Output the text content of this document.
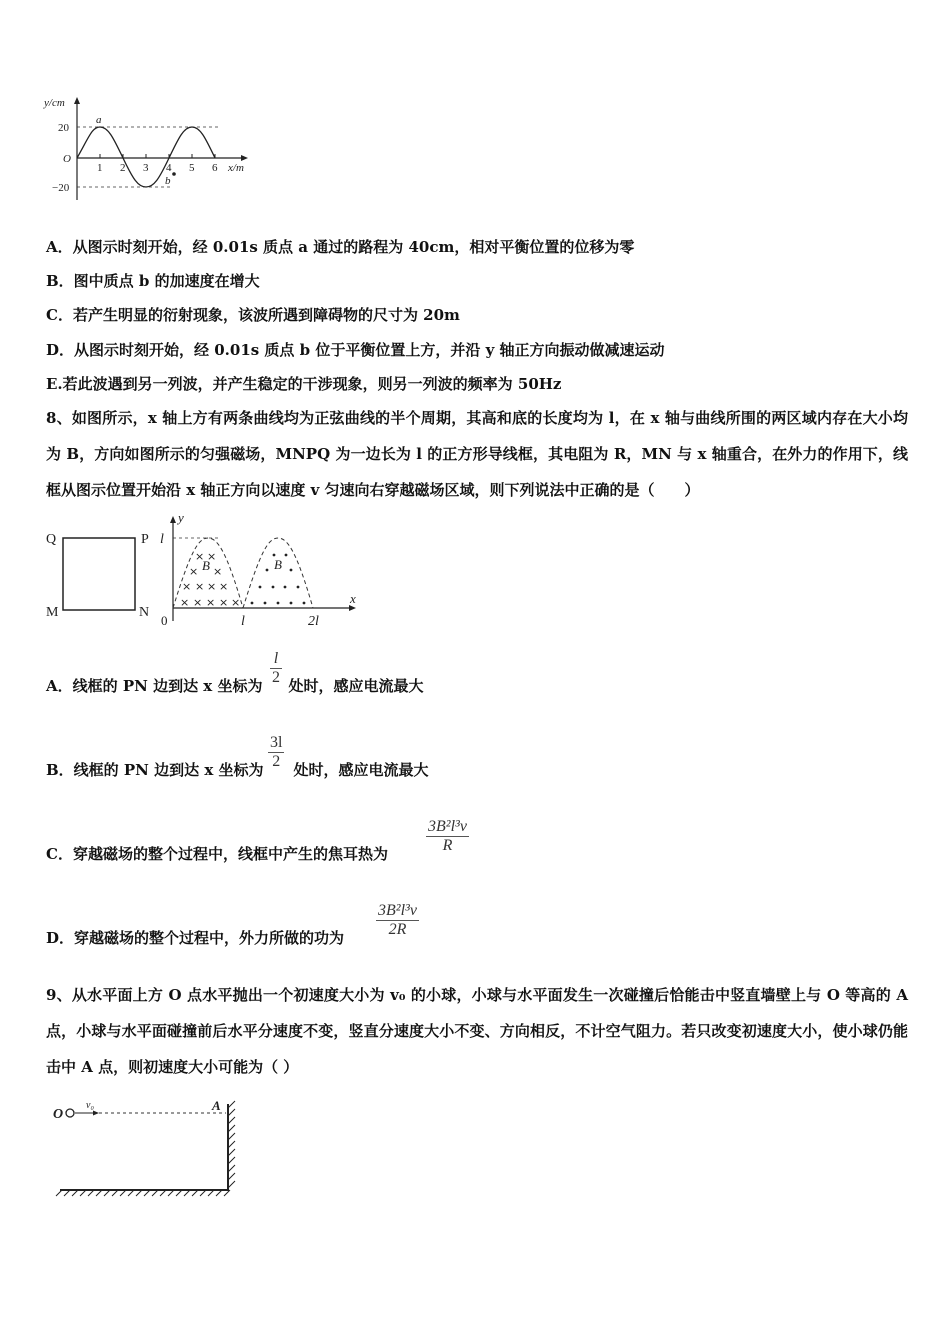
y/cm
20
O
−20
1 2 3 4 5 6 x/m
a
b
A．从图示时刻开始，经 0.01s 质点 a 通过的路程为 40cm，相对平衡位置的位移为零
B．图中质点 b 的加速度在增大
C．若产生明显的衍射现象，该波所遇到障碍物的尺寸为 20m
D．从图示时刻开始，经 0.01s 质点 b 位于平衡位置上方，并沿 y 轴正方向振动做减速运动
E.若此波遇到另一列波，并产生稳定的干涉现象，则另一列波的频率为 50Hz
8、如图所示，x 轴上方有两条曲线均为正弦曲线的半个周期，其高和底的长度均为 l，在 x 轴与曲线所围的两区域内存在大小均为 B，方向如图所示的匀强磁场，MNPQ 为一边长为 l 的正方形导线框，其电阻为 R，MN 与 x 轴重合，在外力的作用下，线框从图示位置开始沿 x 轴正方向以速度 v 匀速向右穿越磁场区域，则下列说法中正确的是（　　）
Q	P
M	N
× ×
× ×
× × × ×
× × × × ×
y
l
0	l	2l
x
B	B
A．线框的 PN 边到达 x 坐标为 处时，感应电流最大
$\frac{l}{2}$
B．线框的 PN 边到达 x 坐标为 处时，感应电流最大
$\frac{3l}{2}$
C．穿越磁场的整个过程中，线框中产生的焦耳热为 $\frac{\text{3B²l³v}}{R}$
D．穿越磁场的整个过程中，外力所做的功为 $\frac{\text{3B²l³v}}{2R}$
9、从水平面上方 O 点水平抛出一个初速度大小为 v₀ 的小球，小球与水平面发生一次碰撞后恰能击中竖直墙壁上与 O 等高的 A 点，小球与水平面碰撞前后水平分速度不变，竖直分速度大小不变、方向相反，不计空气阻力。若只改变初速度大小，使小球仍能击中 A 点，则初速度大小可能为（ ）
O
v₀	A
